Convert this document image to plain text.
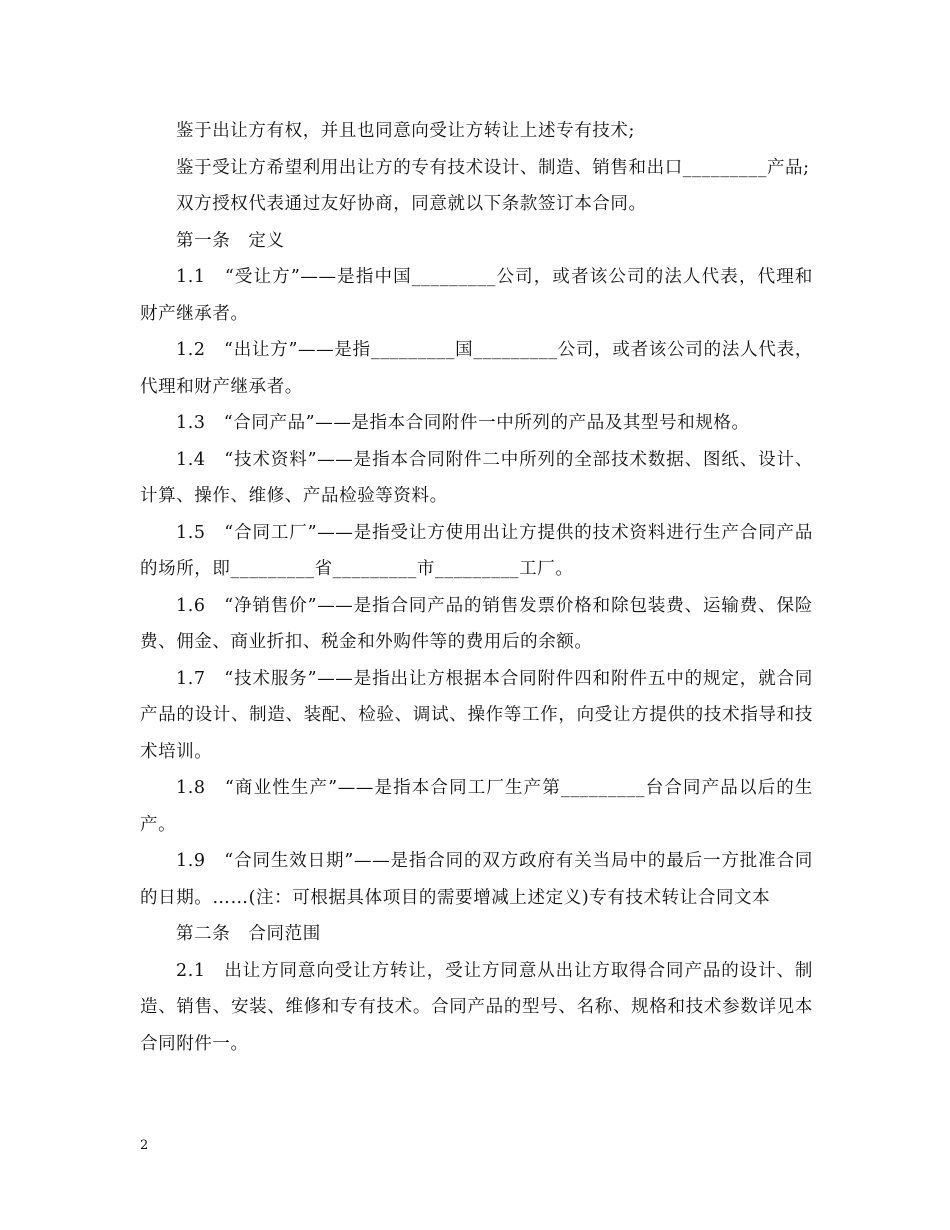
鉴于出让方有权，并且也同意向受让方转让上述专有技术;

鉴于受让方希望利用出让方的专有技术设计、制造、销售和出口_________产品;

双方授权代表通过友好协商，同意就以下条款签订本合同。

第一条　定义

1.1　“受让方”——是指中国_________公司，或者该公司的法人代表，代理和财产继承者。

1.2　“出让方”——是指_________国_________公司，或者该公司的法人代表，代理和财产继承者。

1.3　“合同产品”——是指本合同附件一中所列的产品及其型号和规格。

1.4　“技术资料”——是指本合同附件二中所列的全部技术数据、图纸、设计、计算、操作、维修、产品检验等资料。

1.5　“合同工厂”——是指受让方使用出让方提供的技术资料进行生产合同产品的场所，即_________省_________市_________工厂。

1.6　“净销售价”——是指合同产品的销售发票价格和除包装费、运输费、保险费、佣金、商业折扣、税金和外购件等的费用后的余额。

1.7　“技术服务”——是指出让方根据本合同附件四和附件五中的规定，就合同产品的设计、制造、装配、检验、调试、操作等工作，向受让方提供的技术指导和技术培训。

1.8　“商业性生产”——是指本合同工厂生产第_________台合同产品以后的生产。

1.9　“合同生效日期”——是指合同的双方政府有关当局中的最后一方批准合同的日期。……(注：可根据具体项目的需要增减上述定义)专有技术转让合同文本

第二条　合同范围

2.1　出让方同意向受让方转让，受让方同意从出让方取得合同产品的设计、制造、销售、安装、维修和专有技术。合同产品的型号、名称、规格和技术参数详见本合同附件一。

2
